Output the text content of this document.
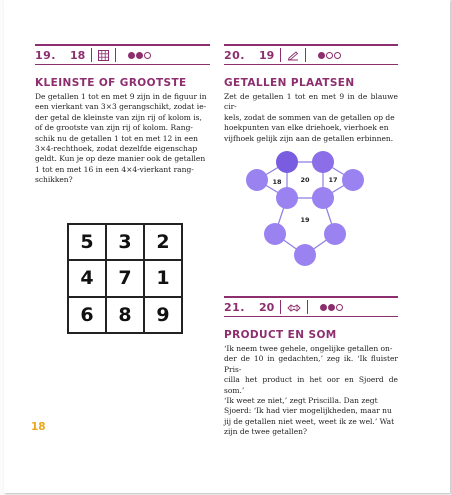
19. 18
KLEINSTE OF GROOTSTE
De getallen 1 tot en met 9 zijn in de figuur in
een vierkant van 3×3 gerangschikt, zodat ie-
der getal de kleinste van zijn rij of kolom is,
of de grootste van zijn rij of kolom. Rang-
schik nu de getallen 1 tot en met 12 in een
3×4-rechthoek, zodat dezelfde eigenschap
geldt. Kun je op deze manier ook de getallen
1 tot en met 16 in een 4×4-vierkant rang-
schikken?
5	3	2
4	7	1
6	8	9
20. 19
GETALLEN PLAATSEN
Zet de getallen 1 tot en met 9 in de blauwe cir-
kels, zodat de sommen van de getallen op de
hoekpunten van elke driehoek, vierhoek en
vijfhoek gelijk zijn aan de getallen erbinnen.
18	20	17
19
21. 20
PRODUCT EN SOM
‘Ik neem twee gehele, ongelijke getallen on-
der de 10 in gedachten,’ zeg ik. ‘Ik fluister Pris-
cilla het product in het oor en Sjoerd de som.’
‘Ik weet ze niet,’ zegt Priscilla. Dan zegt
Sjoerd: ‘Ik had vier mogelijkheden, maar nu
jij de getallen niet weet, weet ik ze wel.’ Wat
zijn de twee getallen?
18
